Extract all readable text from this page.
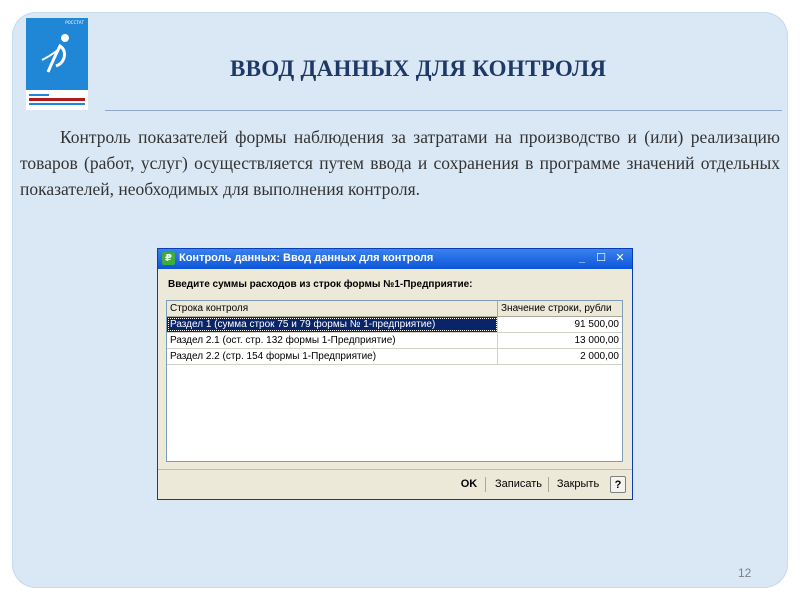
РОССТАТ
ВВОД ДАННЫХ ДЛЯ КОНТРОЛЯ

Контроль показателей формы наблюдения за затратами на производство и (или) реализацию товаров (работ, услуг) осуществляется путем ввода и сохранения в программе значений отдельных показателей, необходимых для выполнения контроля.

₽ Контроль данных: Ввод данных для контроля	_	☐ ✕
Введите суммы расходов из строк формы №1-Предприятие:
Строка контроля	Значение строки, рубли
Раздел 1 (сумма строк 75 и 79 формы № 1-предприятие)	91 500,00
Раздел 2.1 (ост. стр. 132 формы 1-Предприятие)	13 000,00
Раздел 2.2 (стр. 154 формы 1-Предприятие)	2 000,00
OK	Записать	Закрыть	?
12
